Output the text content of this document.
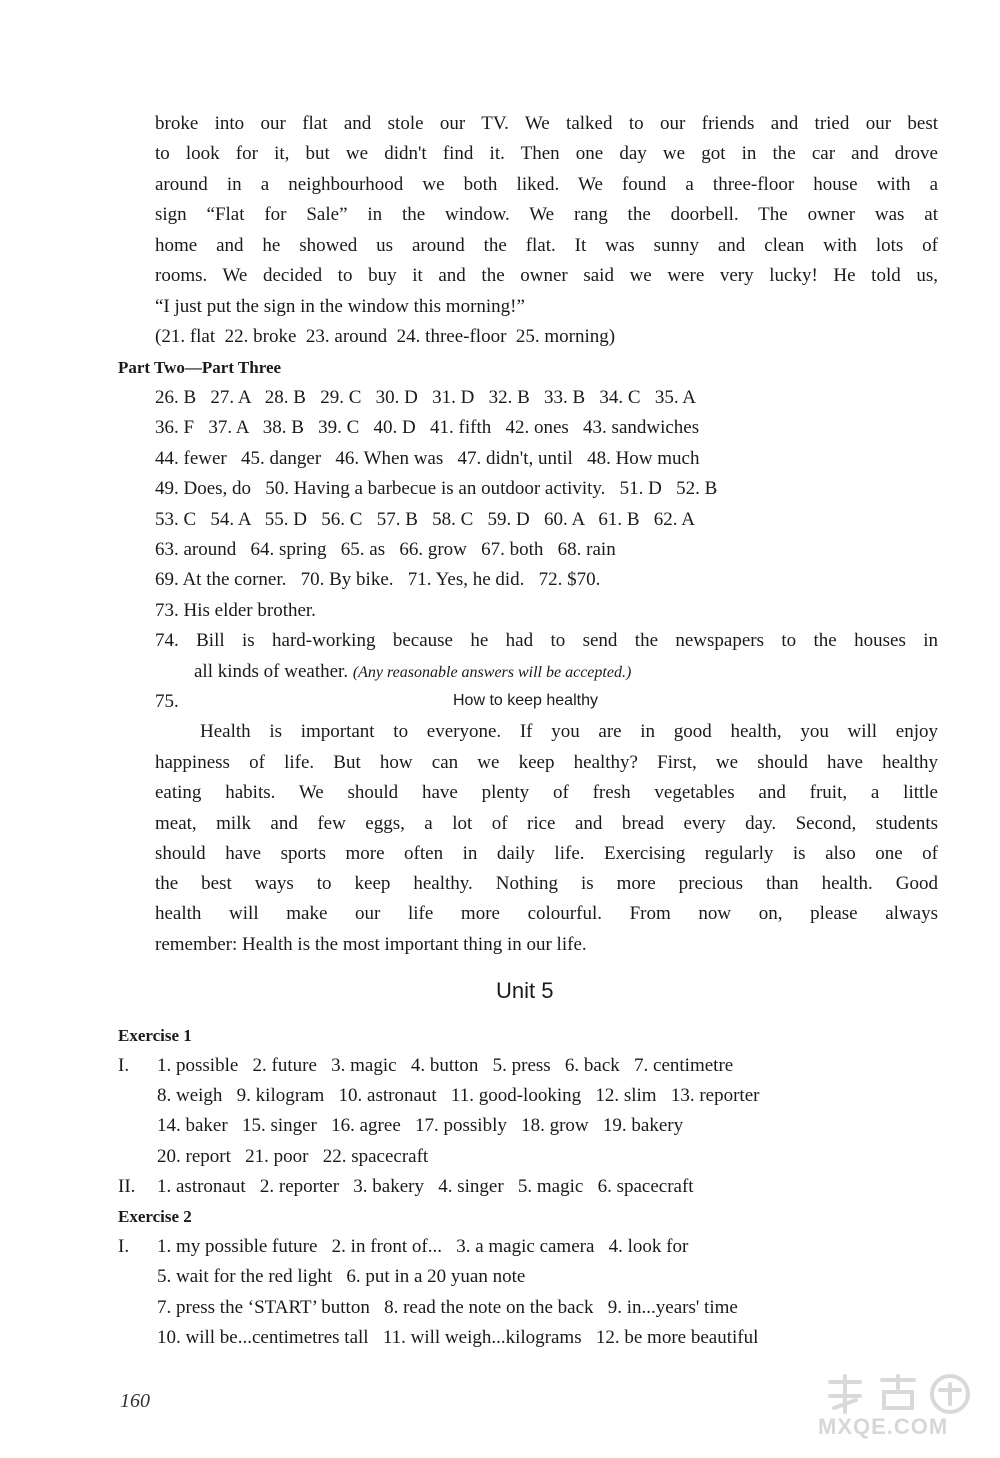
broke into our flat and stole our TV. We talked to our friends and tried our best
to look for it, but we didn't find it. Then one day we got in the car and drove
around in a neighbourhood we both liked. We found a three-floor house with a
sign “Flat for Sale” in the window. We rang the doorbell. The owner was at
home and he showed us around the flat. It was sunny and clean with lots of
rooms. We decided to buy it and the owner said we were very lucky! He told us,
“I just put the sign in the window this morning!”
(21. flat  22. broke  23. around  24. three-floor  25. morning)
Part Two—Part Three
26. B   27. A   28. B   29. C   30. D   31. D   32. B   33. B   34. C   35. A
36. F   37. A   38. B   39. C   40. D   41. fifth   42. ones   43. sandwiches
44. fewer   45. danger   46. When was   47. didn't, until   48. How much
49. Does, do   50. Having a barbecue is an outdoor activity.   51. D   52. B
53. C   54. A   55. D   56. C   57. B   58. C   59. D   60. A   61. B   62. A
63. around   64. spring   65. as   66. grow   67. both   68. rain
69. At the corner.   70. By bike.   71. Yes, he did.   72. $70.
73. His elder brother.
74. Bill is hard-working because he had to send the newspapers to the houses in
all kinds of weather. (Any reasonable answers will be accepted.)
75.	How to keep healthy
Health is important to everyone. If you are in good health, you will enjoy
happiness of life. But how can we keep healthy? First, we should have healthy
eating habits. We should have plenty of fresh vegetables and fruit, a little
meat, milk and few eggs, a lot of rice and bread every day. Second, students
should have sports more often in daily life. Exercising regularly is also one of
the best ways to keep healthy. Nothing is more precious than health. Good
health will make our life more colourful. From now on, please always
remember: Health is the most important thing in our life.
Unit 5
Exercise 1
I. 1. possible   2. future   3. magic   4. button   5. press   6. back   7. centimetre
8. weigh   9. kilogram   10. astronaut   11. good-looking   12. slim   13. reporter
14. baker   15. singer   16. agree   17. possibly   18. grow   19. bakery
20. report   21. poor   22. spacecraft
II. 1. astronaut   2. reporter   3. bakery   4. singer   5. magic   6. spacecraft
Exercise 2
I. 1. my possible future   2. in front of...   3. a magic camera   4. look for
5. wait for the red light   6. put in a 20 yuan note
7. press the ‘START’ button   8. read the note on the back   9. in...years' time
10. will be...centimetres tall   11. will weigh...kilograms   12. be more beautiful
160
MXQE.COM
